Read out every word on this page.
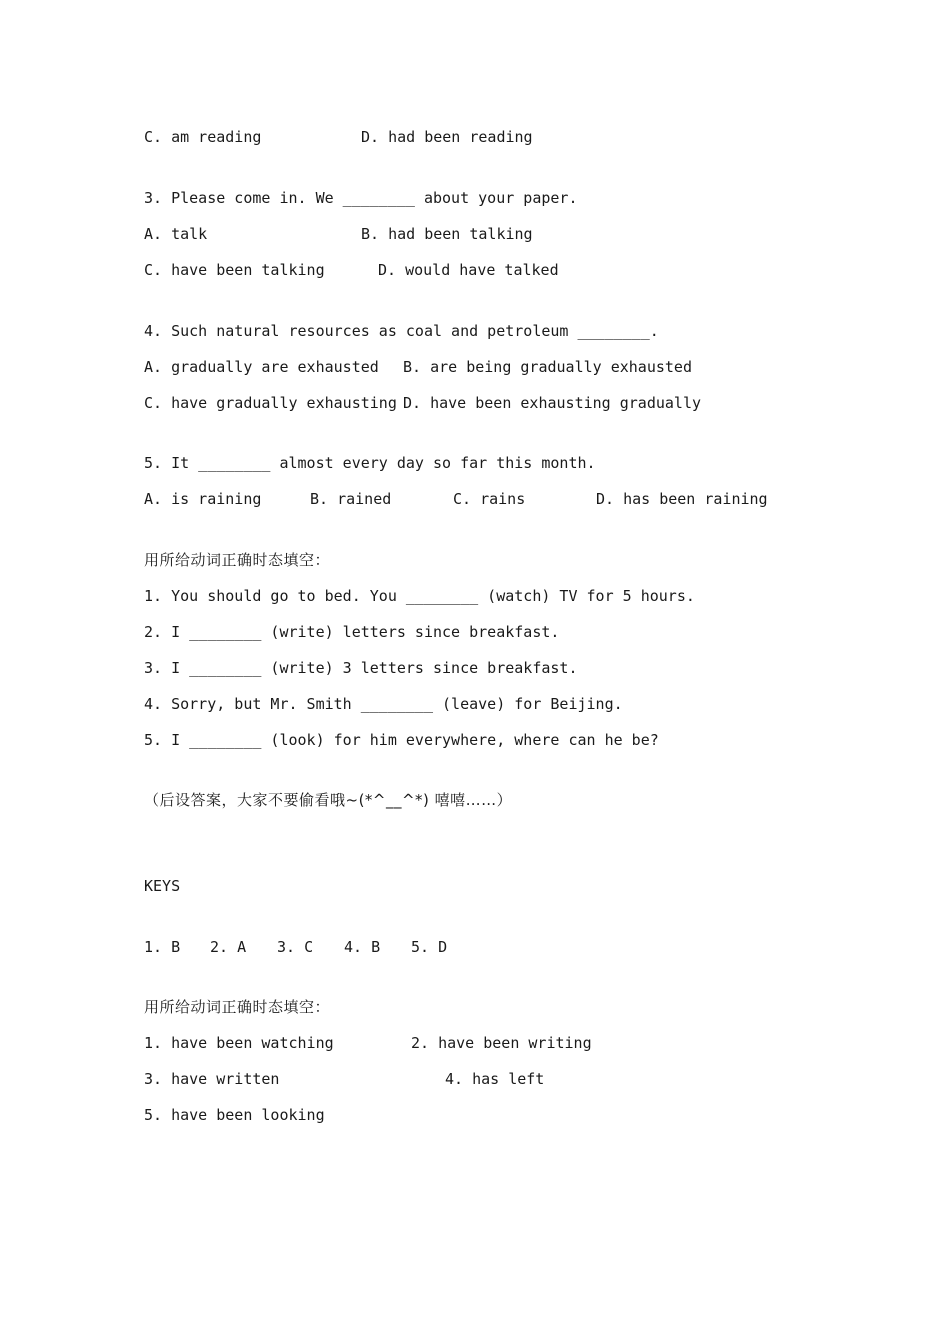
C. am reading	D. had been reading
3. Please come in. We ________ about your paper.
A. talk	B. had been talking
C. have been talking	D. would have talked
4. Such natural resources as coal and petroleum ________.
A. gradually are exhausted B. are being gradually exhausted
C. have gradually exhausting D. have been exhausting gradually
5. It ________ almost every day so far this month.
A. is raining	B. rained	C. rains	D. has been raining
用所给动词正确时态填空：
1. You should go to bed. You ________ (watch) TV for 5 hours.
2. I ________ (write) letters since breakfast.
3. I ________ (write) 3 letters since breakfast.
4. Sorry, but Mr. Smith ________ (leave) for Beijing.
5. I ________ (look) for him everywhere, where can he be?
（后设答案，大家不要偷看哦~(*^__^*) 嘻嘻……）
KEYS
1. B 2. A 3. C 4. B 5. D
用所给动词正确时态填空：
1. have been watching	2. have been writing
3. have written	4. has left
5. have been looking
